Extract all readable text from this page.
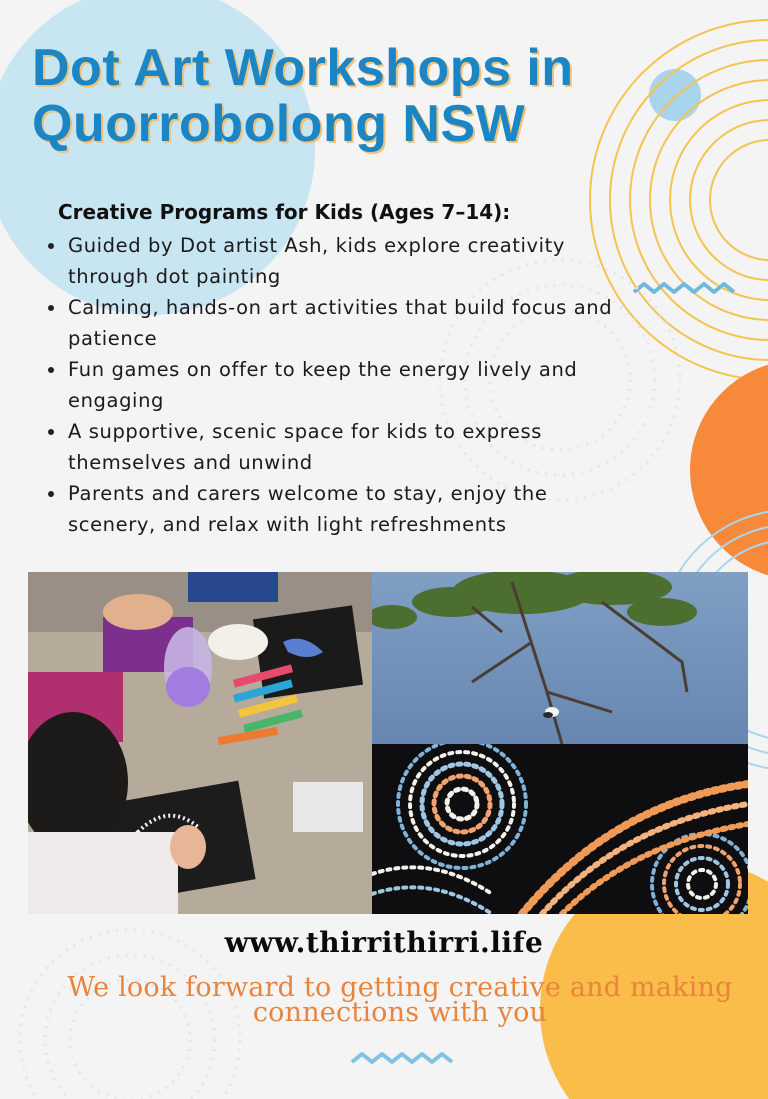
Dot Art Workshops in Quorrobolong NSW
Creative Programs for Kids (Ages 7–14):
Guided by Dot artist Ash, kids explore creativity through dot painting
Calming, hands-on art activities that build focus and patience
Fun games on offer to keep the energy lively and engaging
A supportive, scenic space for kids to express themselves and unwind
Parents and carers welcome to stay, enjoy the scenery, and relax with light refreshments
www.thirrithirri.life
We look forward to getting creative and making connections with you
